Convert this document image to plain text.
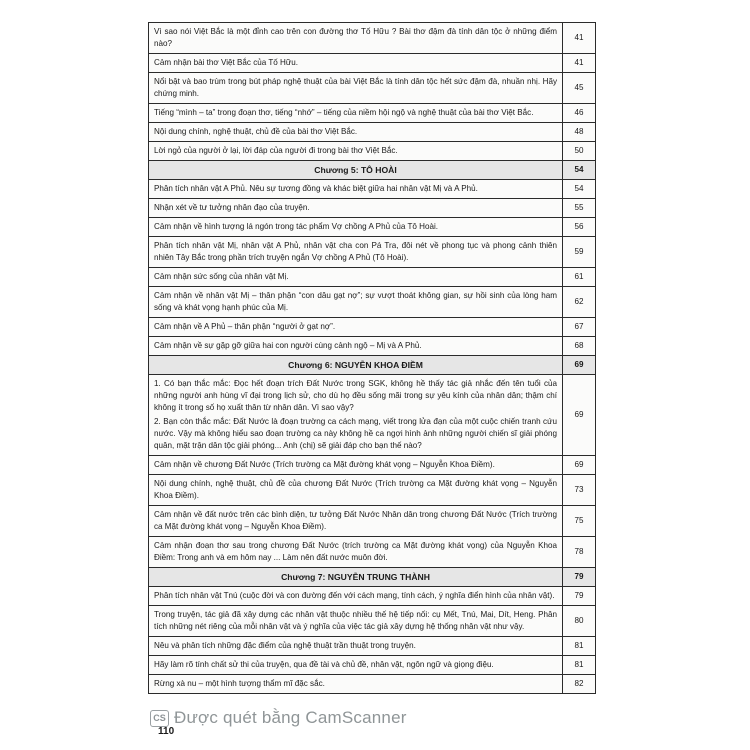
Vì sao nói Việt Bắc là một đỉnh cao trên con đường thơ Tố Hữu ? Bài thơ đậm đà tính dân tộc ở những điểm nào?	41
Cảm nhận bài thơ Việt Bắc của Tố Hữu.	41
Nổi bật và bao trùm trong bút pháp nghệ thuật của bài Việt Bắc là tính dân tộc hết sức đậm đà, nhuần nhị. Hãy chứng minh.	45
Tiếng “mình – ta” trong đoạn thơ, tiếng “nhớ” – tiếng của niềm hội ngộ và nghệ thuật của bài thơ Việt Bắc.	46
Nội dung chính, nghệ thuật, chủ đề của bài thơ Việt Bắc.	48
Lời ngỏ của người ở lại, lời đáp của người đi trong bài thơ Việt Bắc.	50
Chương 5: TÔ HOÀI	54
Phân tích nhân vật A Phủ. Nêu sự tương đồng và khác biệt giữa hai nhân vật Mị và A Phủ.	54
Nhận xét về tư tưởng nhân đạo của truyện.	55
Cảm nhận về hình tượng lá ngón trong tác phẩm Vợ chồng A Phủ của Tô Hoài.	56
Phân tích nhân vật Mị, nhân vật A Phủ, nhân vật cha con Pá Tra, đôi nét về phong tục và phong cảnh thiên nhiên Tây Bắc trong phần trích truyện ngắn Vợ chồng A Phủ (Tô Hoài).	59
Cảm nhận sức sống của nhân vật Mị.	61
Cảm nhận về nhân vật Mị – thân phận “con dâu gạt nợ”; sự vượt thoát không gian, sự hồi sinh của lòng ham sống và khát vọng hạnh phúc của Mị.	62
Cảm nhận về A Phủ – thân phận “người ở gạt nợ”.	67
Cảm nhận về sự gặp gỡ giữa hai con người cùng cảnh ngộ – Mị và A Phủ.	68
Chương 6: NGUYỄN KHOA ĐIỀM	69

1. Có bạn thắc mắc: Đọc hết đoạn trích Đất Nước trong SGK, không hề thấy tác giả nhắc đến tên tuổi của những người anh hùng vĩ đại trong lịch sử, cho dù họ đều sống mãi trong sự yêu kính của nhân dân; thậm chí không ít trong số họ xuất thân từ nhân dân. Vì sao vậy?

2. Bạn còn thắc mắc: Đất Nước là đoạn trường ca cách mạng, viết trong lửa đạn của một cuộc chiến tranh cứu nước. Vậy mà không hiểu sao đoạn trường ca này không hề ca ngợi hình ảnh những người chiến sĩ giải phóng quân, mặt trận dân tộc giải phóng... Anh (chị) sẽ giải đáp cho bạn thế nào?	69
Cảm nhận về chương Đất Nước (Trích trường ca Mặt đường khát vọng – Nguyễn Khoa Điềm).	69
Nội dung chính, nghệ thuật, chủ đề của chương Đất Nước (Trích trường ca Mặt đường khát vọng – Nguyễn Khoa Điềm).	73
Cảm nhận về đất nước trên các bình diện, tư tưởng Đất Nước Nhân dân trong chương Đất Nước (Trích trường ca Mặt đường khát vọng – Nguyễn Khoa Điềm).	75
Cảm nhận đoạn thơ sau trong chương Đất Nước (trích trường ca Mặt đường khát vọng) của Nguyễn Khoa Điềm: Trong anh và em hôm nay ... Làm nên đất nước muôn đời.	78
Chương 7: NGUYỄN TRUNG THÀNH	79
Phân tích nhân vật Tnú (cuộc đời và con đường đến với cách mạng, tính cách, ý nghĩa điển hình của nhân vật).	79
Trong truyện, tác giả đã xây dựng các nhân vật thuộc nhiều thế hệ tiếp nối: cụ Mết, Tnú, Mai, Dít, Heng. Phân tích những nét riêng của mỗi nhân vật và ý nghĩa của việc tác giả xây dựng hệ thống nhân vật như vậy.	80
Nêu và phân tích những đặc điểm của nghệ thuật trần thuật trong truyện.	81
Hãy làm rõ tính chất sử thi của truyện, qua đề tài và chủ đề, nhân vật, ngôn ngữ và giọng điệu.	81
Rừng xà nu – một hình tượng thẩm mĩ đặc sắc.	82
CS Được quét bằng CamScanner
110
